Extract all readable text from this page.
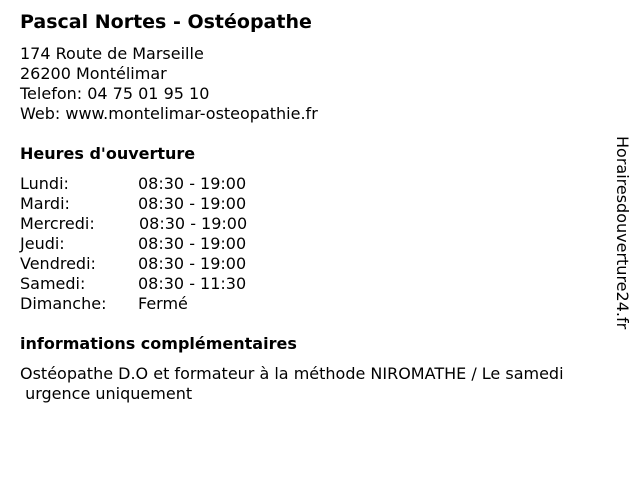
Pascal Nortes - Ostéopathe
174 Route de Marseille
26200 Montélimar
Telefon: 04 75 01 95 10
Web: www.montelimar-osteopathie.fr
Heures d'ouverture
Lundi:	08:30 - 19:00
Mardi:	08:30 - 19:00
Mercredi:	08:30 - 19:00
Jeudi:	08:30 - 19:00
Vendredi:	08:30 - 19:00
Samedi:	08:30 - 11:30
Dimanche: Fermé
informations complémentaires
Ostéopathe D.O et formateur à la méthode NIROMATHE / Le samedi
urgence uniquement
Horairesdouverture24.fr
